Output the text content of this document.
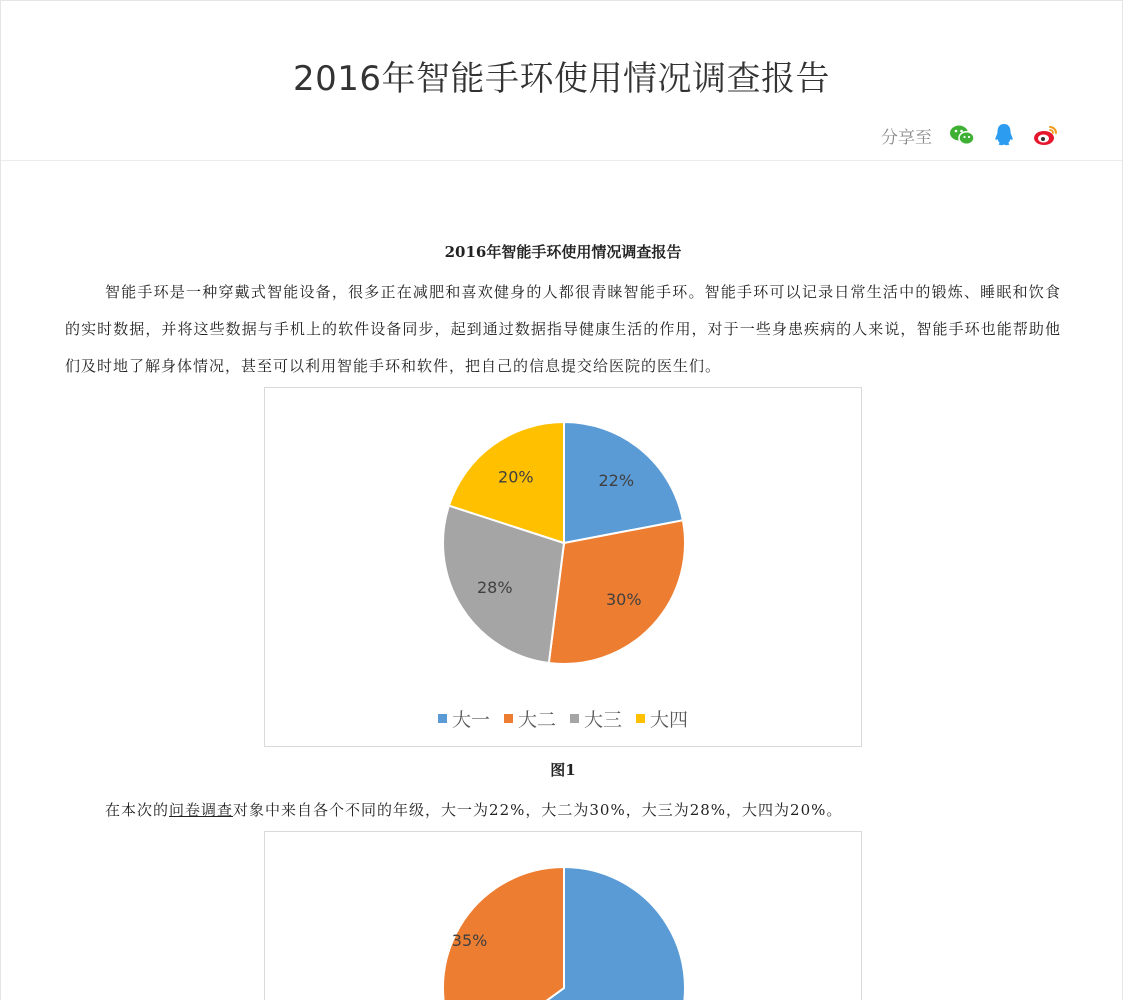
2016年智能手环使用情况调查报告
分享至
2016年智能手环使用情况调查报告

智能手环是一种穿戴式智能设备，很多正在减肥和喜欢健身的人都很青睐智能手环。智能手环可以记录日常生活中的锻炼、睡眠和饮食的实时数据，并将这些数据与手机上的软件设备同步，起到通过数据指导健康生活的作用，对于一些身患疾病的人来说，智能手环也能帮助他们及时地了解身体情况，甚至可以利用智能手环和软件，把自己的信息提交给医院的医生们。

22%
30%
28%
20%
大一 大二 大三 大四
图1

在本次的问卷调查对象中来自各个不同的年级，大一为22%，大二为30%，大三为28%，大四为20%。

35%
